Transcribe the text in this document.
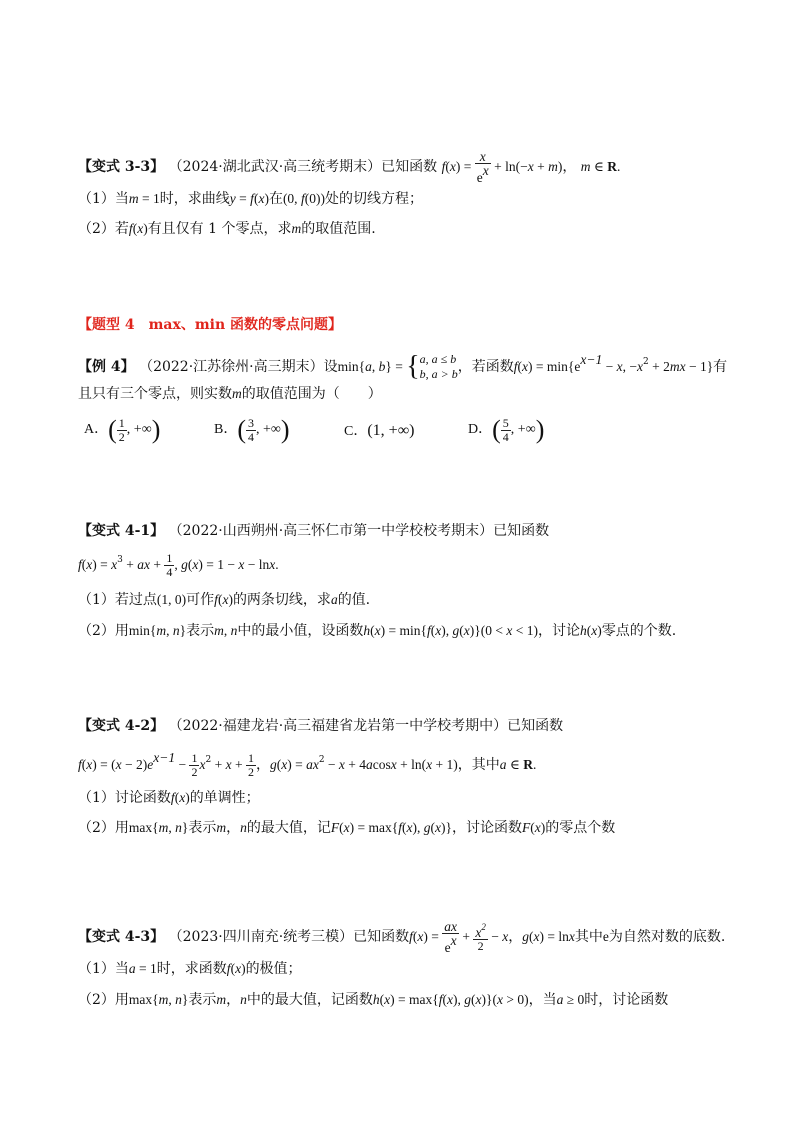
【变式 3-3】 （2024·湖北武汉·高三统考期末）已知函数 $f(x) = \frac{x}{e^x} + \ln(-x + m)$， m ∈ R.
（1）当m = 1时，求曲线y = f(x)在(0, f(0))处的切线方程；
（2）若f(x)有且仅有 1 个零点，求m的取值范围.
【题型 4　max、min 函数的零点问题】
【例 4】 （2022·江苏徐州·高三期末）设min{a, b} = { a, a ≤ b
b, a > b ，若函数$f(x) = \min\{e^{x-1} - x$, $-x^2 + 2mx - 1$}有
且只有三个零点，则实数m的取值范围为（　　）
A．( $\frac{1}{2}$ , +∞)	B．( $\frac{3}{4}$ , +∞)	C．(1, +∞)	D．( $\frac{5}{4}$ , +∞)
【变式 4-1】 （2022·山西朔州·高三怀仁市第一中学校校考期末）已知函数
$f(x) = x^3$ + ax + $\frac{1}{4}$ , g(x) = 1 − x − lnx.
（1）若过点(1, 0)可作f(x)的两条切线，求a的值.
（2）用min{m, n}表示m, n中的最小值，设函数h(x) = min{f(x), g(x)}(0 < x < 1)，讨论h(x)零点的个数.
【变式 4-2】 （2022·福建龙岩·高三福建省龙岩第一中学校考期中）已知函数
$f(x) = (x - 2)e^{x-1} - \frac{1}{2} x^2 + x + \frac{1}{2}$ ，$g(x) = ax^2 - x + 4acosx + \ln(x + 1)$，其中a ∈ R.
（1）讨论函数f(x)的单调性；
（2）用max{m, n}表示m，n的最大值，记F(x) = max{f(x), g(x)}，讨论函数F(x)的零点个数
【变式 4-3】 （2023·四川南充·统考三模）已知函数$f(x) = \frac{ax}{e^x} + \frac{x^2}{2} - x$，g(x) = lnx其中e为自然对数的底数.
（1）当a = 1时，求函数f(x)的极值；
（2）用max{m, n}表示m，n中的最大值，记函数h(x) = max{f(x), g(x)}(x > 0)，当a ≥ 0时，讨论函数
